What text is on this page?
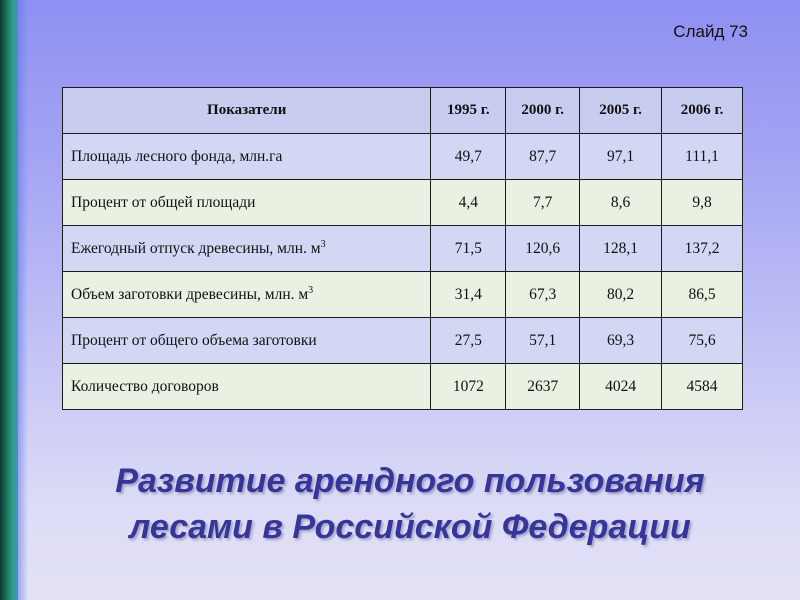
Слайд 73
Показатели	1995 г.	2000 г.	2005 г.	2006 г.
Площадь лесного фонда, млн.га	49,7	87,7	97,1	111,1
Процент от общей площади	4,4	7,7	8,6	9,8
Ежегодный отпуск древесины, млн. $м^3$	71,5	120,6	128,1	137,2
Объем заготовки древесины, млн. $м^3$	31,4	67,3	80,2	86,5
Процент от общего объема заготовки	27,5	57,1	69,3	75,6
Количество договоров	1072	2637	4024	4584
Развитие арендного пользования
лесами в Российской Федерации
